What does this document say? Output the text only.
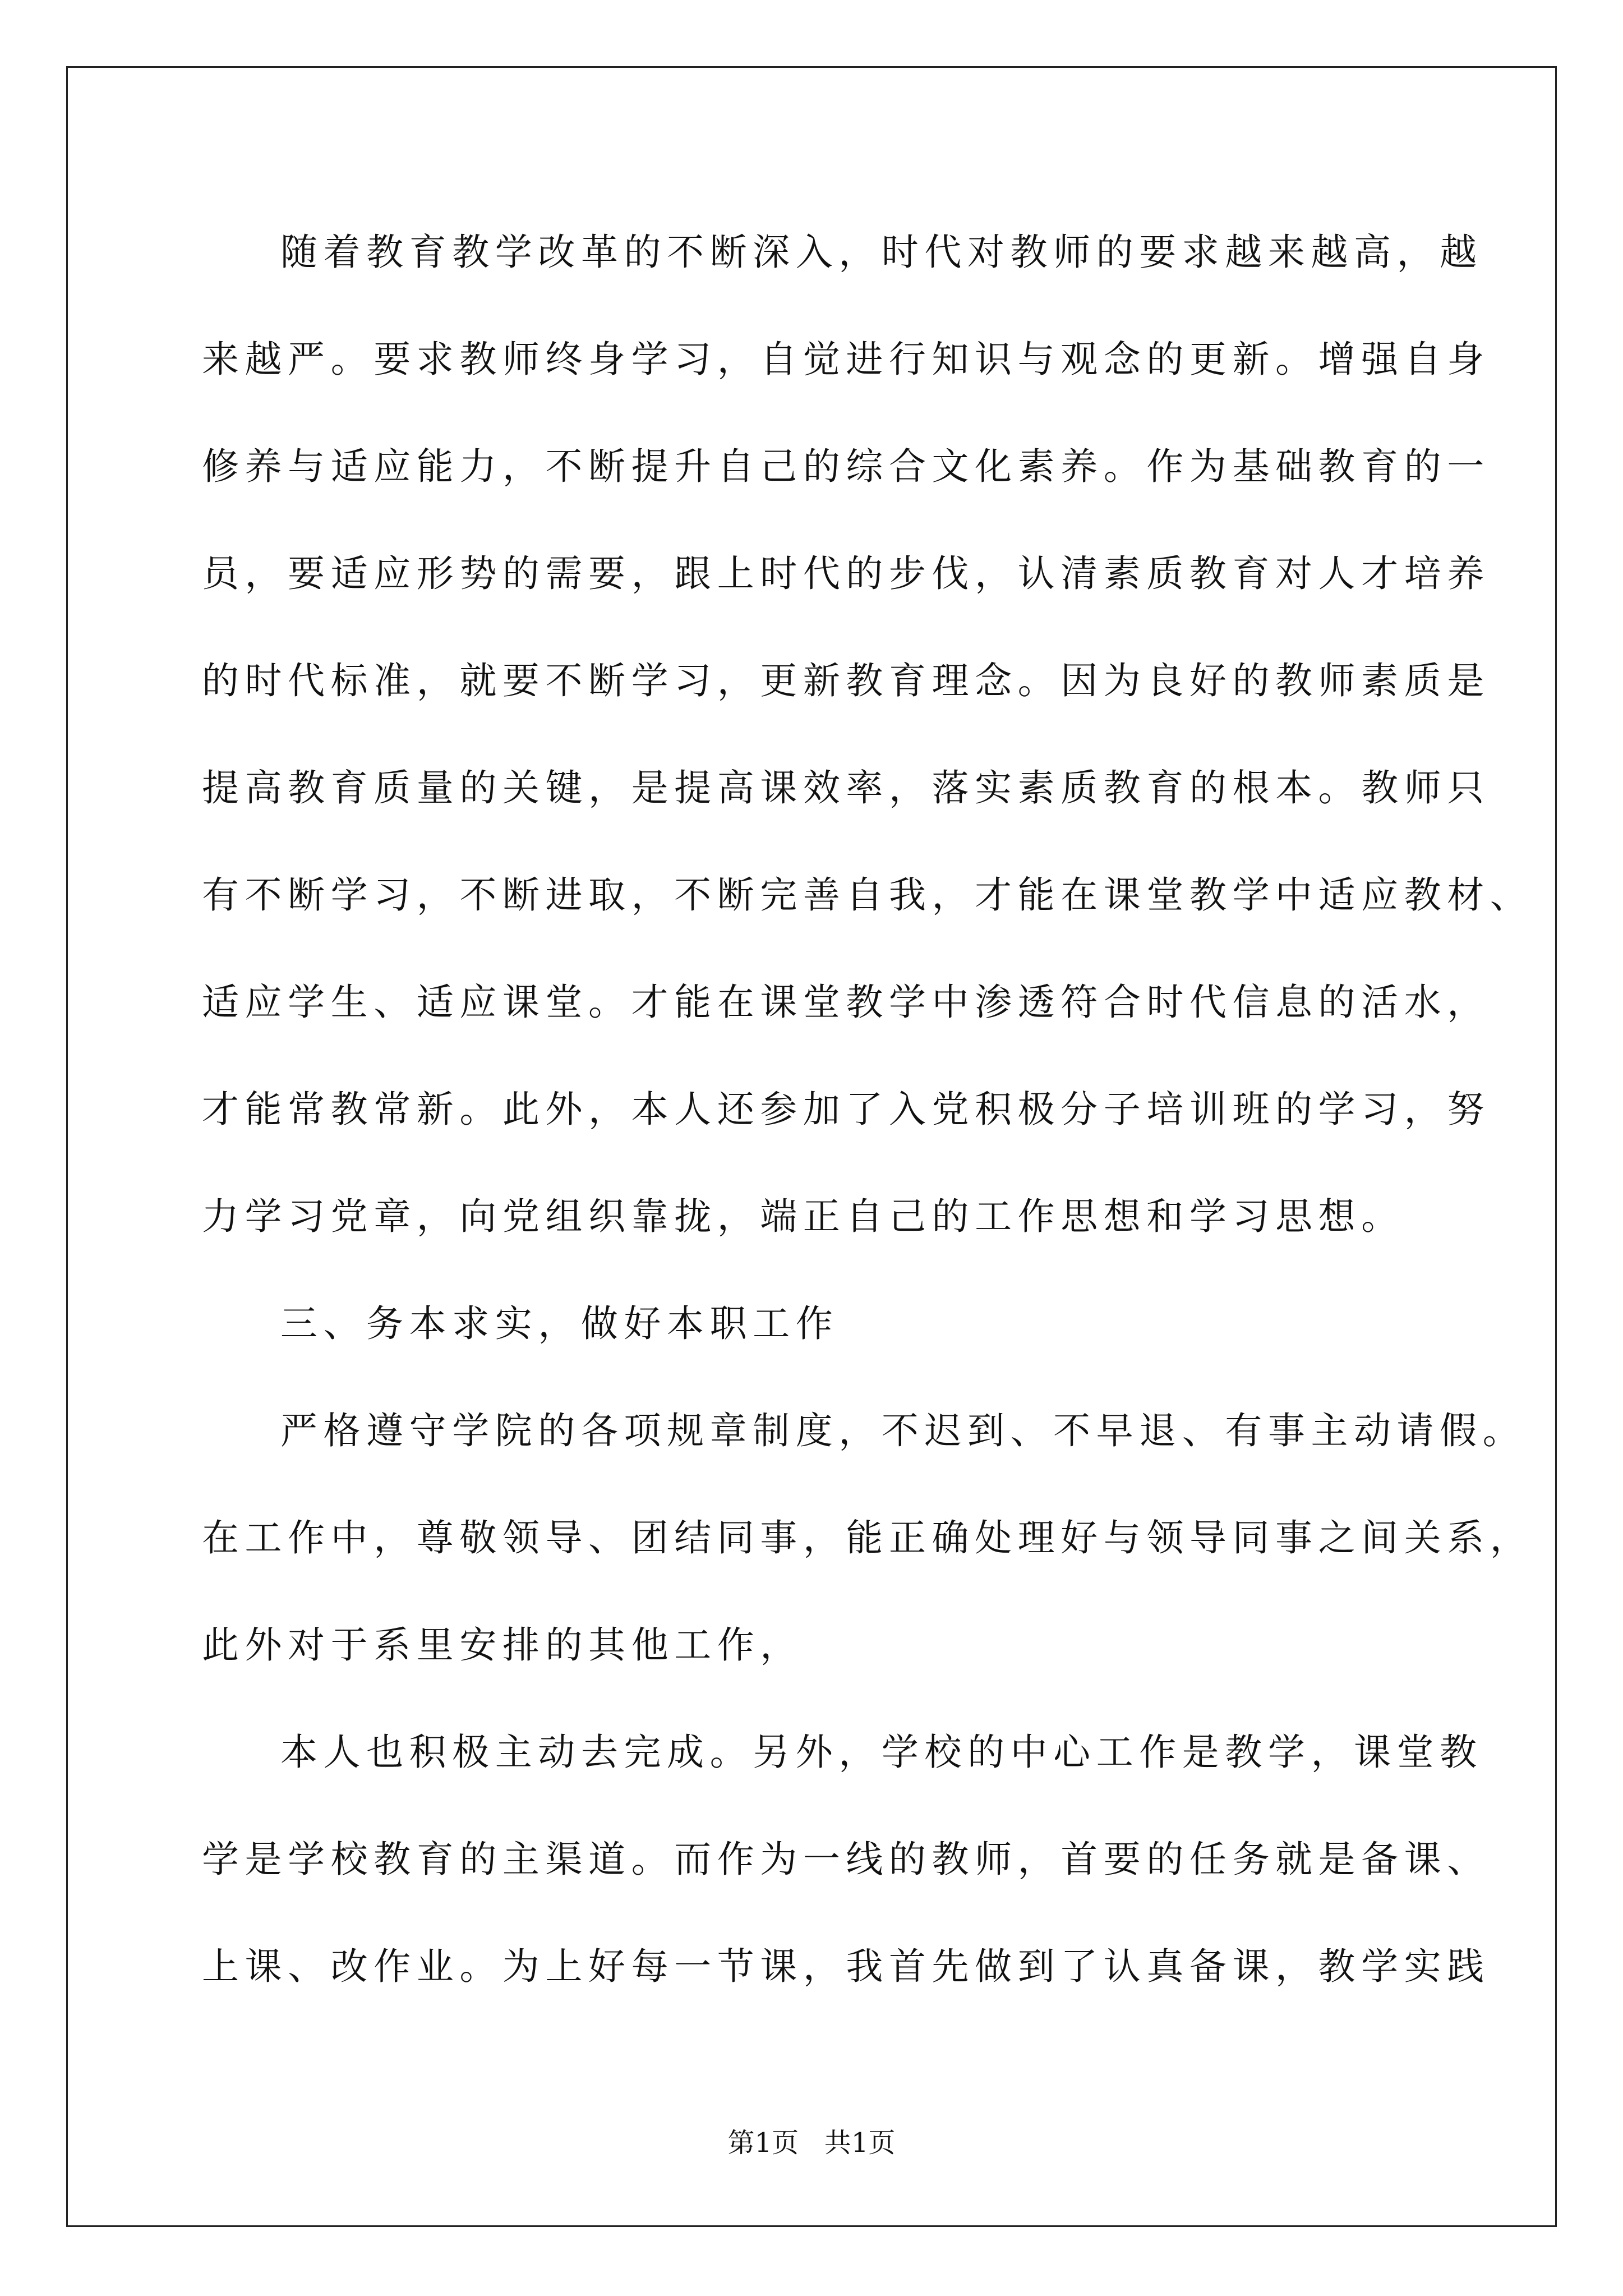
随着教育教学改革的不断深入，时代对教师的要求越来越高，越
来越严。要求教师终身学习，自觉进行知识与观念的更新。增强自身
修养与适应能力，不断提升自己的综合文化素养。作为基础教育的一
员，要适应形势的需要，跟上时代的步伐，认清素质教育对人才培养
的时代标准，就要不断学习，更新教育理念。因为良好的教师素质是
提高教育质量的关键，是提高课效率，落实素质教育的根本。教师只
有不断学习，不断进取，不断完善自我，才能在课堂教学中适应教材、
适应学生、适应课堂。才能在课堂教学中渗透符合时代信息的活水，
才能常教常新。此外，本人还参加了入党积极分子培训班的学习，努
力学习党章，向党组织靠拢，端正自己的工作思想和学习思想。
三、务本求实，做好本职工作
严格遵守学院的各项规章制度，不迟到、不早退、有事主动请假。
在工作中，尊敬领导、团结同事，能正确处理好与领导同事之间关系，
此外对于系里安排的其他工作，
本人也积极主动去完成。另外，学校的中心工作是教学，课堂教
学是学校教育的主渠道。而作为一线的教师，首要的任务就是备课、
上课、改作业。为上好每一节课，我首先做到了认真备课，教学实践
第1页   共1页
